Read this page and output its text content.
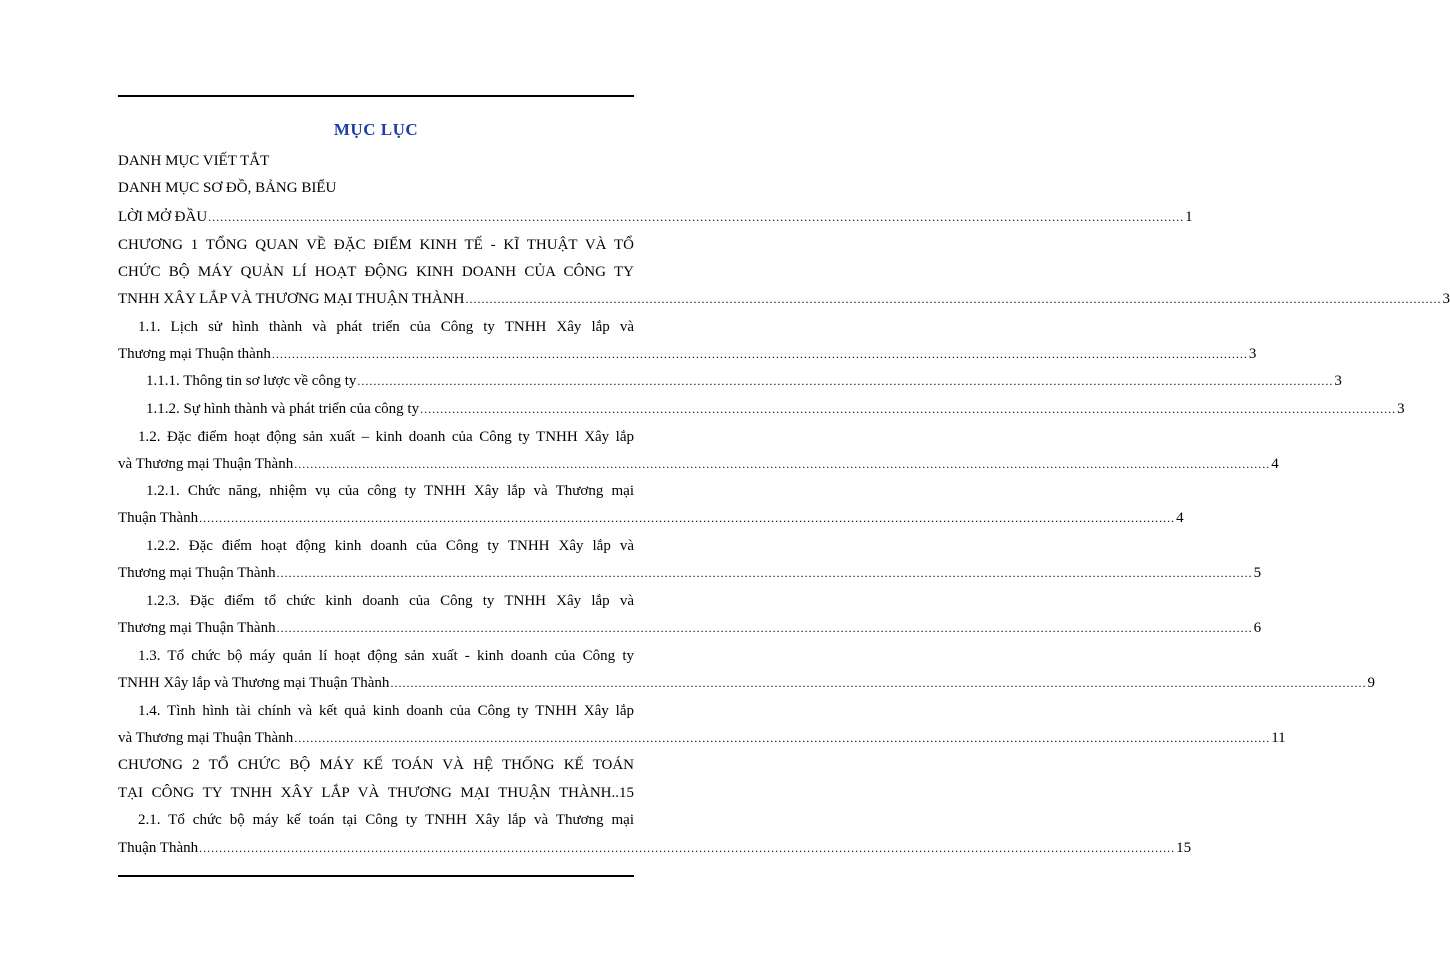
MỤC LỤC
DANH MỤC VIẾT TẮT
DANH MỤC SƠ ĐỒ, BẢNG BIỂU
LỜI MỞ ĐẦU .................................................................................................................................................................................................................................................... 1
CHƯƠNG 1 TỔNG QUAN VỀ ĐẶC ĐIỂM KINH TẾ - KĨ THUẬT VÀ TỔ
CHỨC BỘ MÁY QUẢN LÍ HOẠT ĐỘNG KINH DOANH CỦA CÔNG TY
TNHH XÂY LẮP VÀ THƯƠNG MẠI THUẬN THÀNH .................................................................................................................................................................................................................................................... 3
1.1. Lịch sử hình thành và phát triển của Công ty TNHH Xây lắp và
Thương mại Thuận thành .................................................................................................................................................................................................................................................... 3
1.1.1. Thông tin sơ lược về công ty .................................................................................................................................................................................................................................................... 3
1.1.2. Sự hình thành và phát triển của công ty .................................................................................................................................................................................................................................................... 3
1.2. Đặc điểm hoạt động sản xuất – kinh doanh của Công ty TNHH Xây lắp
và Thương mại Thuận Thành .................................................................................................................................................................................................................................................... 4
1.2.1. Chức năng, nhiệm vụ của công ty TNHH Xây lắp và Thương mại
Thuận Thành .................................................................................................................................................................................................................................................... 4
1.2.2. Đặc điểm hoạt động kinh doanh của Công ty TNHH Xây lắp và
Thương mại Thuận Thành .................................................................................................................................................................................................................................................... 5
1.2.3. Đặc điểm tổ chức kinh doanh của Công ty TNHH Xây lắp và
Thương mại Thuận Thành .................................................................................................................................................................................................................................................... 6
1.3. Tổ chức bộ máy quản lí hoạt động sản xuất - kinh doanh của Công ty
TNHH Xây lắp và Thương mại Thuận Thành .................................................................................................................................................................................................................................................... 9
1.4. Tình hình tài chính và kết quả kinh doanh của Công ty TNHH Xây lắp
và Thương mại Thuận Thành .................................................................................................................................................................................................................................................... 11
CHƯƠNG 2 TỔ CHỨC BỘ MÁY KẾ TOÁN VÀ HỆ THỐNG KẾ TOÁN
TẠI CÔNG TY TNHH XÂY LẮP VÀ THƯƠNG MẠI THUẬN THÀNH..15
2.1. Tổ chức bộ máy kế toán tại Công ty TNHH Xây lắp và Thương mại
Thuận Thành .................................................................................................................................................................................................................................................... 15
